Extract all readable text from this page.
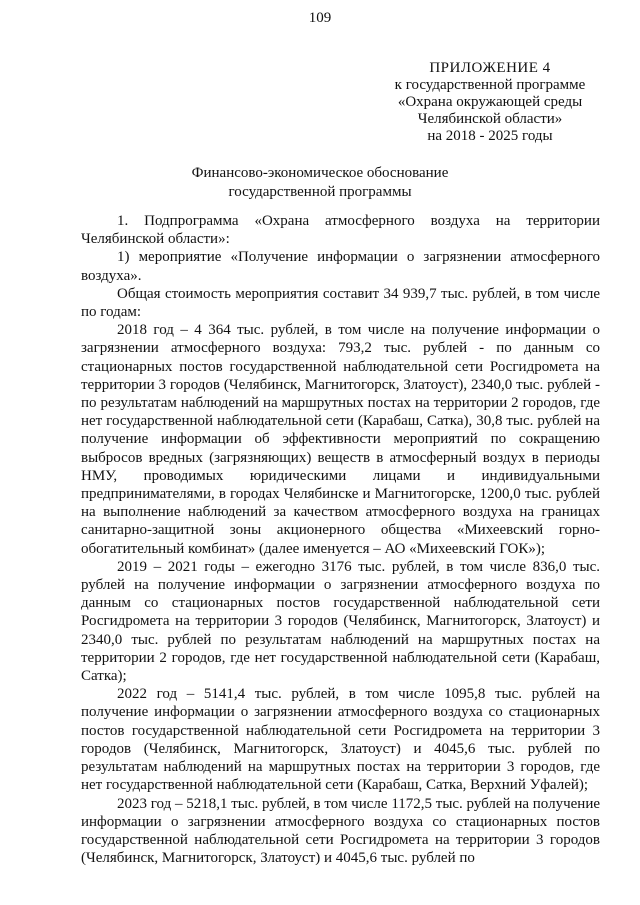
109
ПРИЛОЖЕНИЕ 4
к государственной программе
«Охрана окружающей среды
Челябинской области»
на 2018 - 2025 годы
Финансово-экономическое обоснование
государственной программы

1. Подпрограмма «Охрана атмосферного воздуха на территории Челябинской области»:

1) мероприятие «Получение информации о загрязнении атмосферного воздуха».

Общая стоимость мероприятия составит 34 939,7 тыс. рублей, в том числе по годам:

2018 год – 4 364 тыс. рублей, в том числе на получение информации о загрязнении атмосферного воздуха: 793,2 тыс. рублей - по данным со стационарных постов государственной наблюдательной сети Росгидромета на территории 3 городов (Челябинск, Магнитогорск, Златоуст), 2340,0 тыс. рублей - по результатам наблюдений на маршрутных постах на территории 2 городов, где нет государственной наблюдательной сети (Карабаш, Сатка), 30,8 тыс. рублей на получение информации об эффективности мероприятий по сокращению выбросов вредных (загрязняющих) веществ в атмосферный воздух в периоды НМУ, проводимых юридическими лицами и индивидуальными предпринимателями, в городах Челябинске и Магнитогорске, 1200,0 тыс. рублей на выполнение наблюдений за качеством атмосферного воздуха на границах санитарно-защитной зоны акционерного общества «Михеевский горно-обогатительный комбинат» (далее именуется – АО «Михеевский ГОК»);

2019 – 2021 годы – ежегодно 3176 тыс. рублей, в том числе 836,0 тыс. рублей на получение информации о загрязнении атмосферного воздуха по данным со стационарных постов государственной наблюдательной сети Росгидромета на территории 3 городов (Челябинск, Магнитогорск, Златоуст) и 2340,0 тыс. рублей по результатам наблюдений на маршрутных постах на территории 2 городов, где нет государственной наблюдательной сети (Карабаш, Сатка);

2022 год – 5141,4 тыс. рублей, в том числе 1095,8 тыс. рублей на получение информации о загрязнении атмосферного воздуха со стационарных постов государственной наблюдательной сети Росгидромета на территории 3 городов (Челябинск, Магнитогорск, Златоуст) и 4045,6 тыс. рублей по результатам наблюдений на маршрутных постах на территории 3 городов, где нет государственной наблюдательной сети (Карабаш, Сатка, Верхний Уфалей);

2023 год – 5218,1 тыс. рублей, в том числе 1172,5 тыс. рублей на получение информации о загрязнении атмосферного воздуха со стационарных постов государственной наблюдательной сети Росгидромета на территории 3 городов (Челябинск, Магнитогорск, Златоуст) и 4045,6 тыс. рублей по
